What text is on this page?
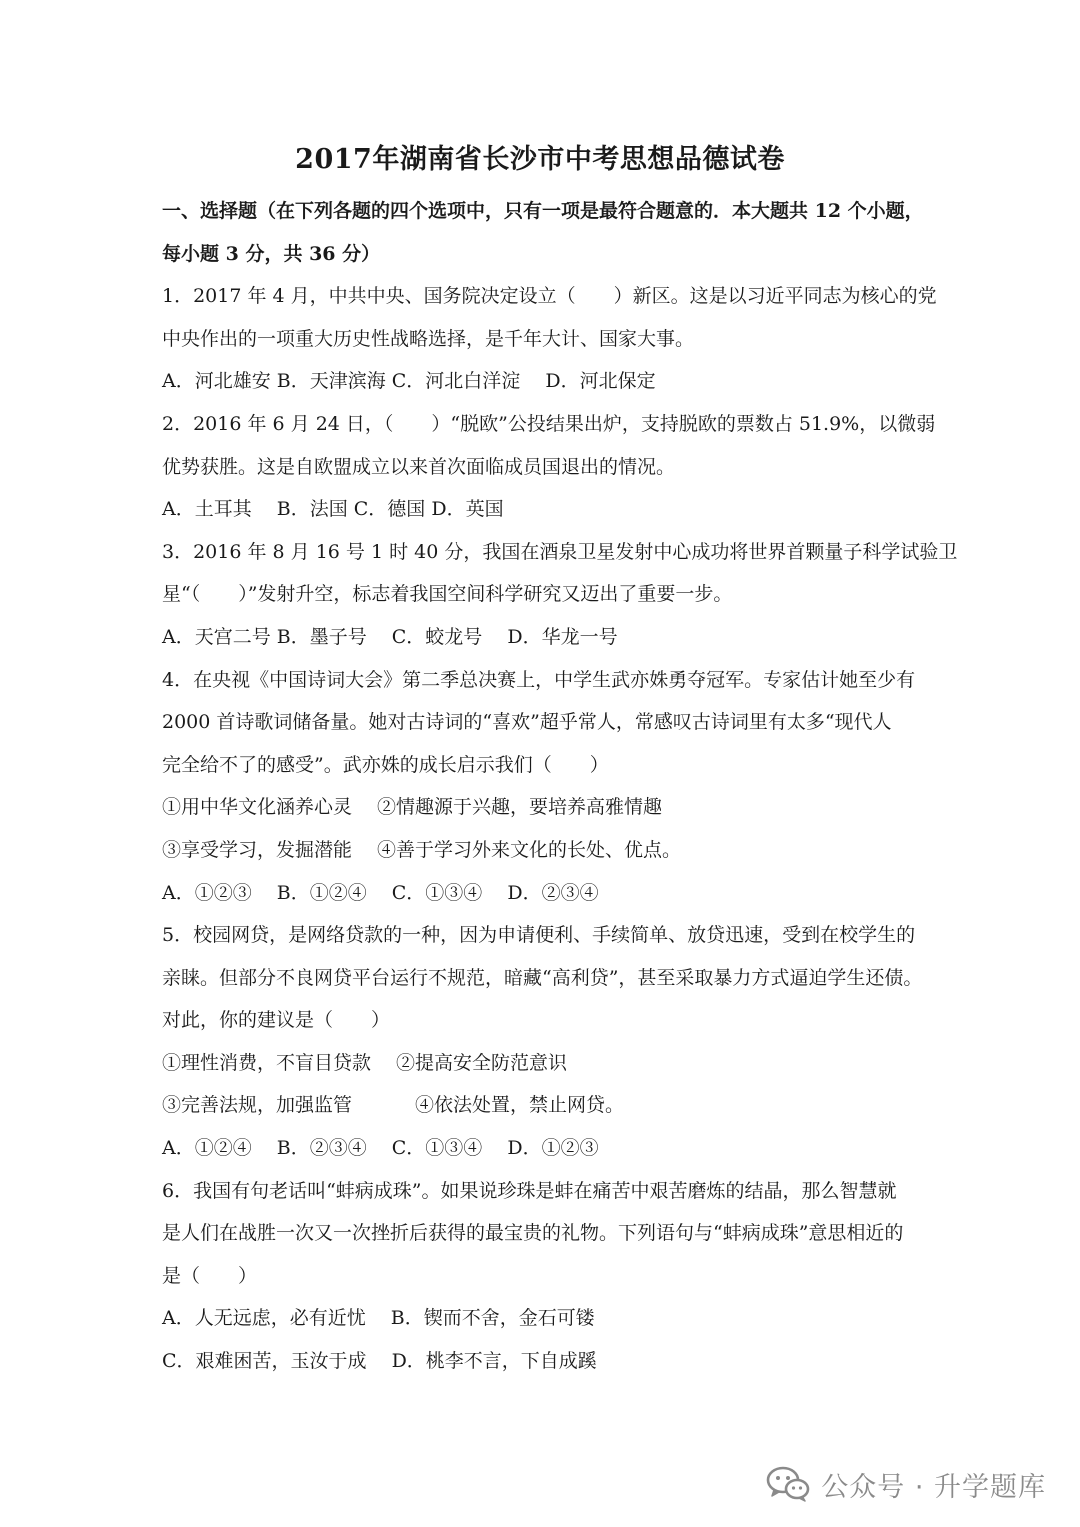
2017年湖南省长沙市中考思想品德试卷
一、选择题（在下列各题的四个选项中，只有一项是最符合题意的．本大题共 12 个小题，
每小题 3 分，共 36 分）
1．2017 年 4 月，中共中央、国务院决定设立（　　）新区。这是以习近平同志为核心的党
中央作出的一项重大历史性战略选择，是千年大计、国家大事。
A．河北雄安 B．天津滨海 C．河北白洋淀　 D．河北保定
2．2016 年 6 月 24 日，（　　）“脱欧”公投结果出炉，支持脱欧的票数占 51.9%，以微弱
优势获胜。这是自欧盟成立以来首次面临成员国退出的情况。
A．土耳其　 B．法国 C．德国 D．英国
3．2016 年 8 月 16 号 1 时 40 分，我国在酒泉卫星发射中心成功将世界首颗量子科学试验卫
星“（　　）”发射升空，标志着我国空间科学研究又迈出了重要一步。
A．天宫二号 B．墨子号　 C．蛟龙号　 D．华龙一号
4．在央视《中国诗词大会》第二季总决赛上，中学生武亦姝勇夺冠军。专家估计她至少有
2000 首诗歌词储备量。她对古诗词的“喜欢”超乎常人，常感叹古诗词里有太多“现代人
完全给不了的感受”。武亦姝的成长启示我们（　　）
①用中华文化涵养心灵　 ②情趣源于兴趣，要培养高雅情趣
③享受学习，发掘潜能　 ④善于学习外来文化的长处、优点。
A．①②③　 B．①②④　 C．①③④　 D．②③④
5．校园网贷，是网络贷款的一种，因为申请便利、手续简单、放贷迅速，受到在校学生的
亲睐。但部分不良网贷平台运行不规范，暗藏“高利贷”，甚至采取暴力方式逼迫学生还债。
对此，你的建议是（　　）
①理性消费，不盲目贷款　 ②提高安全防范意识
③完善法规，加强监管　　　 ④依法处置，禁止网贷。
A．①②④　 B．②③④　 C．①③④　 D．①②③
6．我国有句老话叫“蚌病成珠”。如果说珍珠是蚌在痛苦中艰苦磨炼的结晶，那么智慧就
是人们在战胜一次又一次挫折后获得的最宝贵的礼物。下列语句与“蚌病成珠”意思相近的
是（　　）
A．人无远虑，必有近忧　 B．锲而不舍，金石可镂
C．艰难困苦，玉汝于成　 D．桃李不言，下自成蹊
公众号 · 升学题库
